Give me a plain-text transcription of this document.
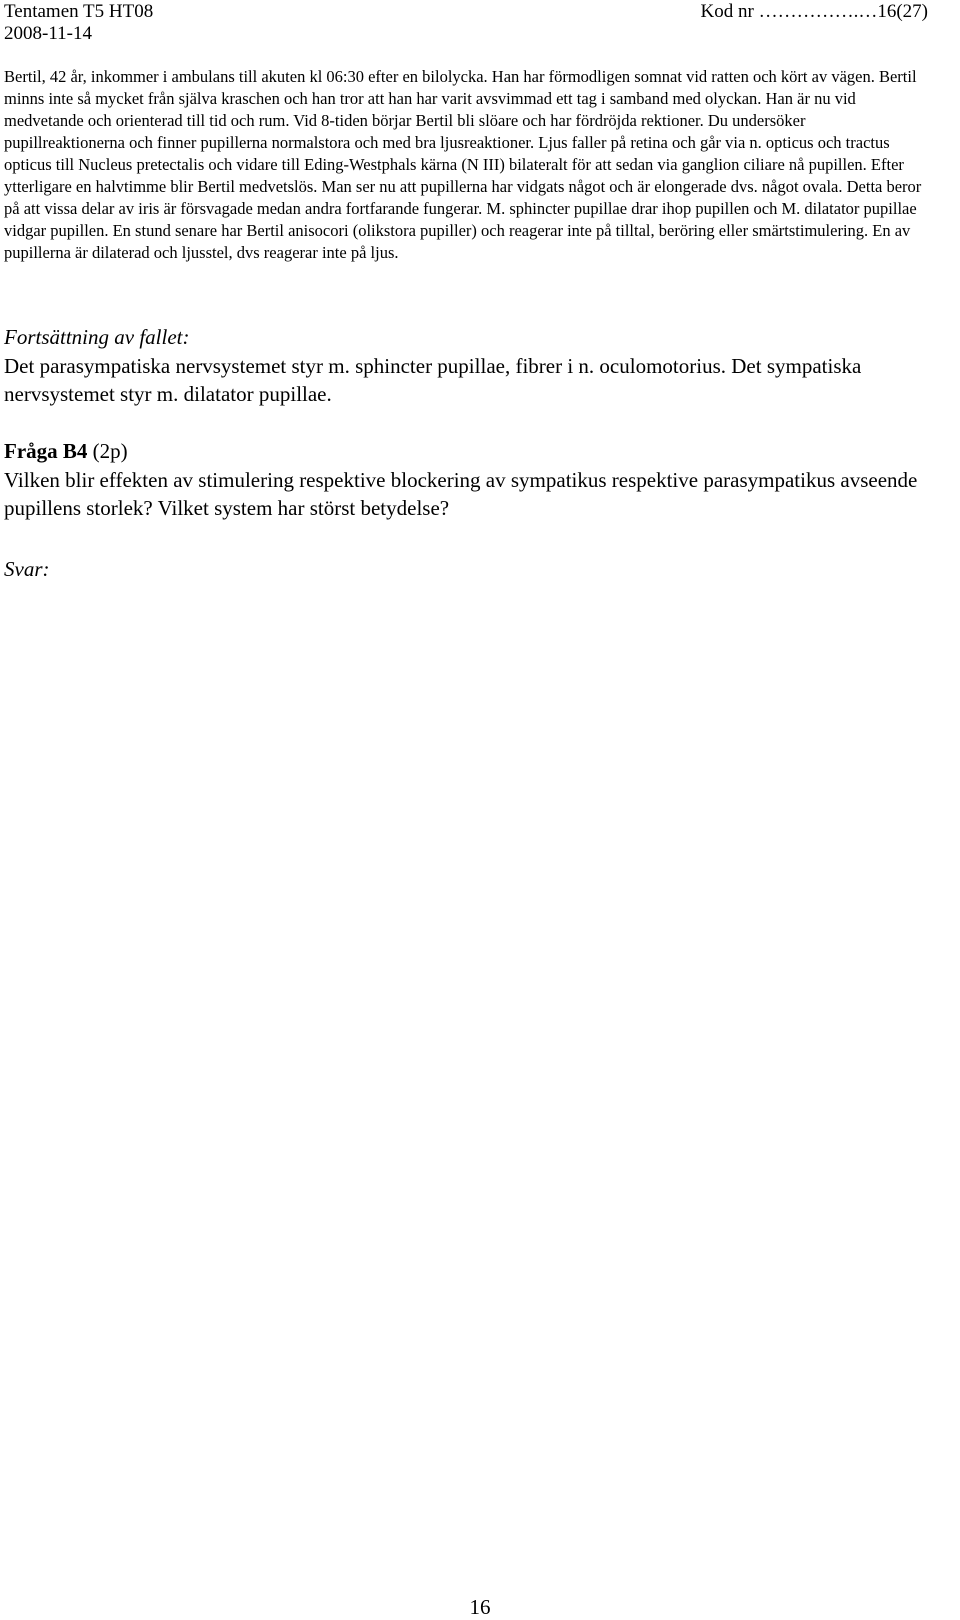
Tentamen T5 HT08
2008-11-14
Kod nr …………….…16(27)

Bertil, 42 år, inkommer i ambulans till akuten kl 06:30 efter en bilolycka. Han har förmodligen somnat vid ratten och kört av vägen. Bertil minns inte så mycket från själva kraschen och han tror att han har varit avsvimmad ett tag i samband med olyckan. Han är nu vid medvetande och orienterad till tid och rum. Vid 8-tiden börjar Bertil bli slöare och har fördröjda rektioner. Du undersöker pupillreaktionerna och finner pupillerna normalstora och med bra ljusreaktioner. Ljus faller på retina och går via n. opticus och tractus opticus till Nucleus pretectalis och vidare till Eding-Westphals kärna (N III) bilateralt för att sedan via ganglion ciliare nå pupillen. Efter ytterligare en halvtimme blir Bertil medvetslös. Man ser nu att pupillerna har vidgats något och är elongerade dvs. något ovala. Detta beror på att vissa delar av iris är försvagade medan andra fortfarande fungerar. M. sphincter pupillae drar ihop pupillen och M. dilatator pupillae vidgar pupillen. En stund senare har Bertil anisocori (olikstora pupiller) och reagerar inte på tilltal, beröring eller smärtstimulering. En av pupillerna är dilaterad och ljusstel, dvs reagerar inte på ljus.

Fortsättning av fallet:
Det parasympatiska nervsystemet styr m. sphincter pupillae, fibrer i n. oculomotorius. Det sympatiska nervsystemet styr m. dilatator pupillae.
Fråga B4 (2p)
Vilken blir effekten av stimulering respektive blockering av sympatikus respektive parasympatikus avseende pupillens storlek? Vilket system har störst betydelse?
Svar:
16
